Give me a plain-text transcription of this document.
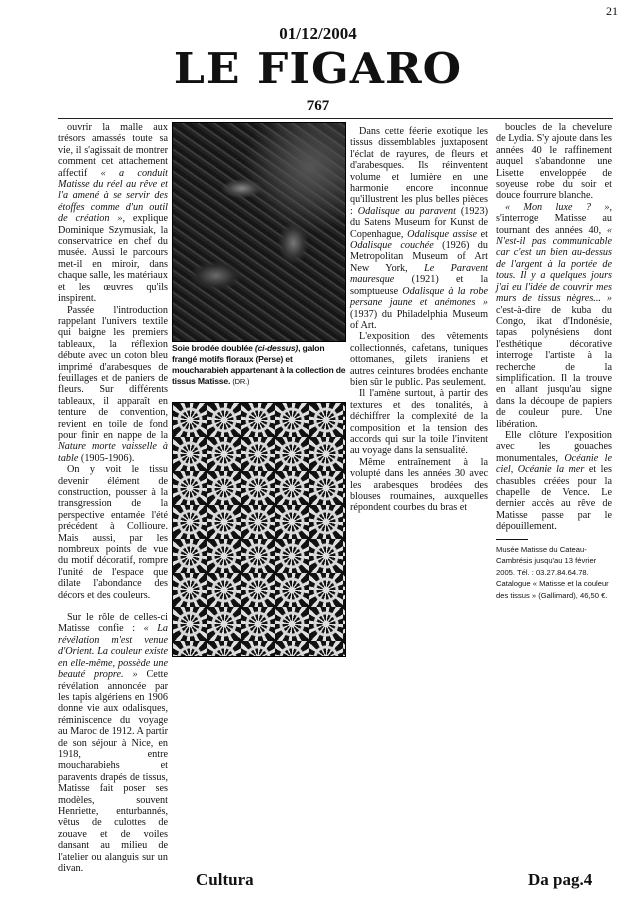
21
01/12/2004
LE FIGARO
767

ouvrir la malle aux trésors amassés toute sa vie, il s'agissait de montrer comment cet attachement affectif « a conduit Matisse du réel au rêve et l'a amené à se servir des étoffes comme d'un outil de création », explique Dominique Szymusiak, la conservatrice en chef du musée. Aussi le parcours met-il en miroir, dans chaque salle, les matériaux et les œuvres qu'ils inspirent.

Passée l'introduction rappelant l'univers textile qui baigne les premiers tableaux, la réflexion débute avec un coton bleu imprimé d'arabesques de feuillages et de paniers de fleurs. Sur différents tableaux, il apparaît en tenture de convention, revient en toile de fond pour finir en nappe de la Nature morte vaisselle à table (1905-1906).

On y voit le tissu devenir élément de construction, pousser à la transgression de la perspective entamée l'été précédent à Collioure. Mais aussi, par les nombreux points de vue du motif décoratif, rompre l'unité de l'espace que dilate l'abondance des décors et des couleurs.

Sur le rôle de celles-ci Matisse confie : « La révélation m'est venue d'Orient. La couleur existe en elle-même, possède une beauté propre. » Cette révélation annoncée par les tapis algériens en 1906 donne vie aux odalisques, réminiscence du voyage au Maroc de 1912. A partir de son séjour à Nice, en 1918, entre moucharabiehs et paravents drapés de tissus, Matisse fait poser ses modèles, souvent Henriette, enturbannés, vêtus de culottes de zouave et de voiles dansant au milieu de l'atelier ou alanguis sur un divan.

Soie brodée doublée (ci-dessus), galon frangé motifs floraux (Perse) et moucharabieh appartenant à la collection de tissus Matisse. (DR.)

Dans cette féerie exotique les tissus dissemblables juxtaposent l'éclat de rayures, de fleurs et d'arabesques. Ils réinventent volume et lumière en une harmonie encore inconnue qu'illustrent les plus belles pièces : Odalisque au paravent (1923) du Satens Museum for Kunst de Copenhague, Odalisque assise et Odalisque couchée (1926) du Metropolitan Museum of Art New York, Le Paravent mauresque (1921) et la somptueuse Odalisque à la robe persane jaune et anémones » (1937) du Philadelphia Museum of Art.

L'exposition des vêtements collectionnés, cafetans, tuniques ottomanes, gilets iraniens et autres ceintures brodées enchante bien sûr le public. Pas seulement.

Il l'amène surtout, à partir des textures et des tonalités, à déchiffrer la complexité de la composition et la tension des accords qui sur la toile l'invitent au voyage dans la sensualité.

Même entraînement à la volupté dans les années 30 avec les arabesques brodées des blouses roumaines, auxquelles répondent courbes du bras et

boucles de la chevelure de Lydia. S'y ajoute dans les années 40 le raffinement auquel s'abandonne une Lisette enveloppée de soyeuse robe du soir et douce fourrure blanche.

« Mon luxe ? », s'interroge Matisse au tournant des années 40, « N'est-il pas communicable car c'est un bien au-dessus de l'argent à la portée de tous. Il y a quelques jours j'ai eu l'idée de couvrir mes murs de tissus nègres... » c'est-à-dire de kuba du Congo, ikat d'Indonésie, tapas polynésiens dont l'esthétique décorative interroge l'artiste à la recherche de la simplification. Il la trouve en allant jusqu'au signe dans la découpe de papiers de couleur pure. Une libération.

Elle clôture l'exposition avec les gouaches monumentales, Océanie le ciel, Océanie la mer et les chasubles créées pour la chapelle de Vence. Le dernier accès au rêve de Matisse passe par le dépouillement.

Musée Matisse du Cateau-Cambrésis jusqu'au 13 février 2005. Tél. : 03.27.84.64.78. Catalogue « Matisse et la couleur des tissus » (Gallimard), 46,50 €.
Cultura	Da pag.4
